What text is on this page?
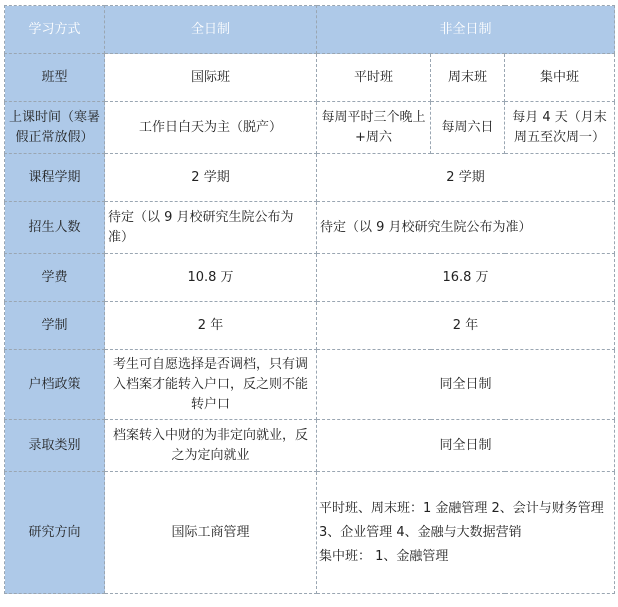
学习方式	全日制	非全日制		
班型	国际班	平时班	周末班	集中班
上课时间（寒暑假正常放假）	工作日白天为主（脱产）	每周平时三个晚上+周六	每周六日	每月 4 天（月末周五至次周一）
课程学期	2 学期	2 学期		
招生人数	待定（以 9 月校研究生院公布为准）	待定（以 9 月校研究生院公布为准）		
学费	10.8 万	16.8 万		
学制	2 年	2 年		
户档政策	考生可自愿选择是否调档，只有调入档案才能转入户口，反之则不能转户口	同全日制		
录取类别	档案转入中财的为非定向就业，反之为定向就业	同全日制		
研究方向	国际工商管理	平时班、周末班：1 金融管理 2、会计与财务管理 3、企业管理 4、金融与大数据营销
集中班： 1、金融管理		
